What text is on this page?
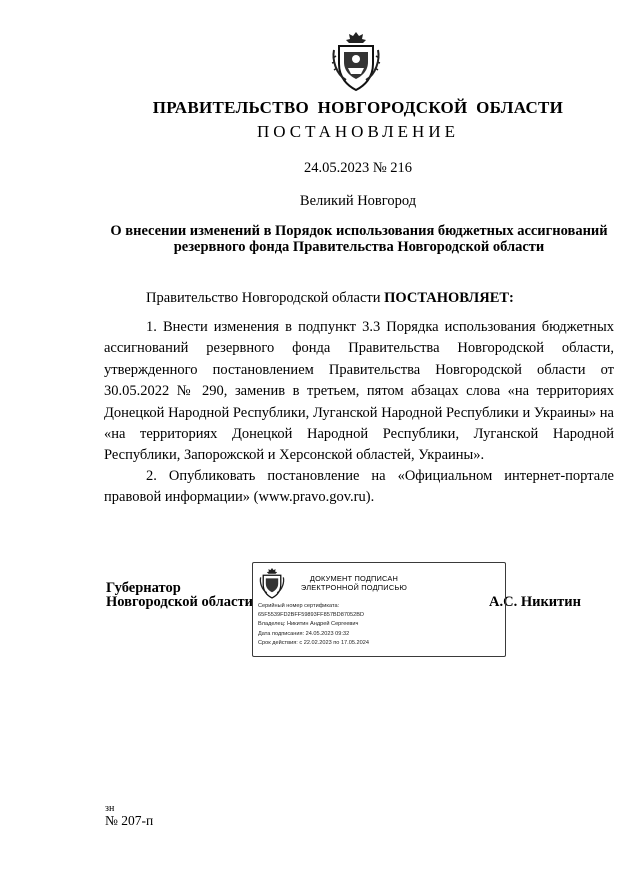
ПРАВИТЕЛЬСТВО НОВГОРОДСКОЙ ОБЛАСТИ
ПОСТАНОВЛЕНИЕ
24.05.2023 № 216
Великий Новгород
О внесении изменений в Порядок использования бюджетных ассигнований резервного фонда Правительства Новгородской области
Правительство Новгородской области ПОСТАНОВЛЯЕТ:
1. Внести изменения в подпункт 3.3 Порядка использования бюджетных ассигнований резервного фонда Правительства Новгородской области, утвержденного постановлением Правительства Новгородской области от 30.05.2022 № 290, заменив в третьем, пятом абзацах слова «на территориях Донецкой Народной Республики, Луганской Народной Республики и Украины» на «на территориях Донецкой Народной Республики, Луганской Народной Республики, Запорожской и Херсонской областей, Украины».
2. Опубликовать постановление на «Официальном интернет-портале правовой информации» (www.pravo.gov.ru).
Губернатор
Новгородской области	А.С. Никитин
ДОКУМЕНТ ПОДПИСАН
ЭЛЕКТРОННОЙ ПОДПИСЬЮ
Серийный номер сертификата:
65F5539FD2BFF59893FF857BD87052BD
Владелец: Никитин Андрей Сергеевич
Дата подписания: 24.05.2023 09:32
Срок действия: с 22.02.2023 по 17.05.2024
зн
№ 207-п
